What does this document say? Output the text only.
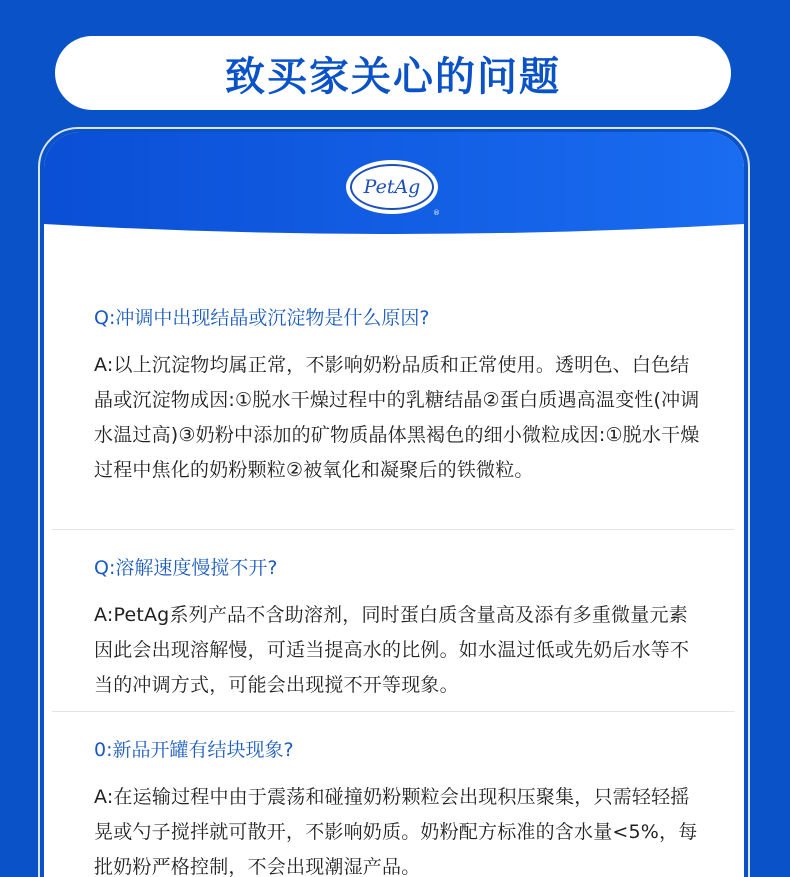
致买家关心的问题
PetAg
®
Q:冲调中出现结晶或沉淀物是什么原因?
A:以上沉淀物均属正常，不影响奶粉品质和正常使用。透明色、白色结晶或沉淀物成因:①脱水干燥过程中的乳糖结晶②蛋白质遇高温变性(冲调水温过高)③奶粉中添加的矿物质晶体黑褐色的细小微粒成因:①脱水干燥过程中焦化的奶粉颗粒②被氧化和凝聚后的铁微粒。
Q:溶解速度慢搅不开?
A:PetAg系列产品不含助溶剂，同时蛋白质含量高及添有多重微量元素因此会出现溶解慢，可适当提高水的比例。如水温过低或先奶后水等不当的冲调方式，可能会出现搅不开等现象。
0:新品开罐有结块现象?
A:在运输过程中由于震荡和碰撞奶粉颗粒会出现积压聚集，只需轻轻摇晃或勺子搅拌就可散开，不影响奶质。奶粉配方标准的含水量<5%，每批奶粉严格控制，不会出现潮湿产品。
